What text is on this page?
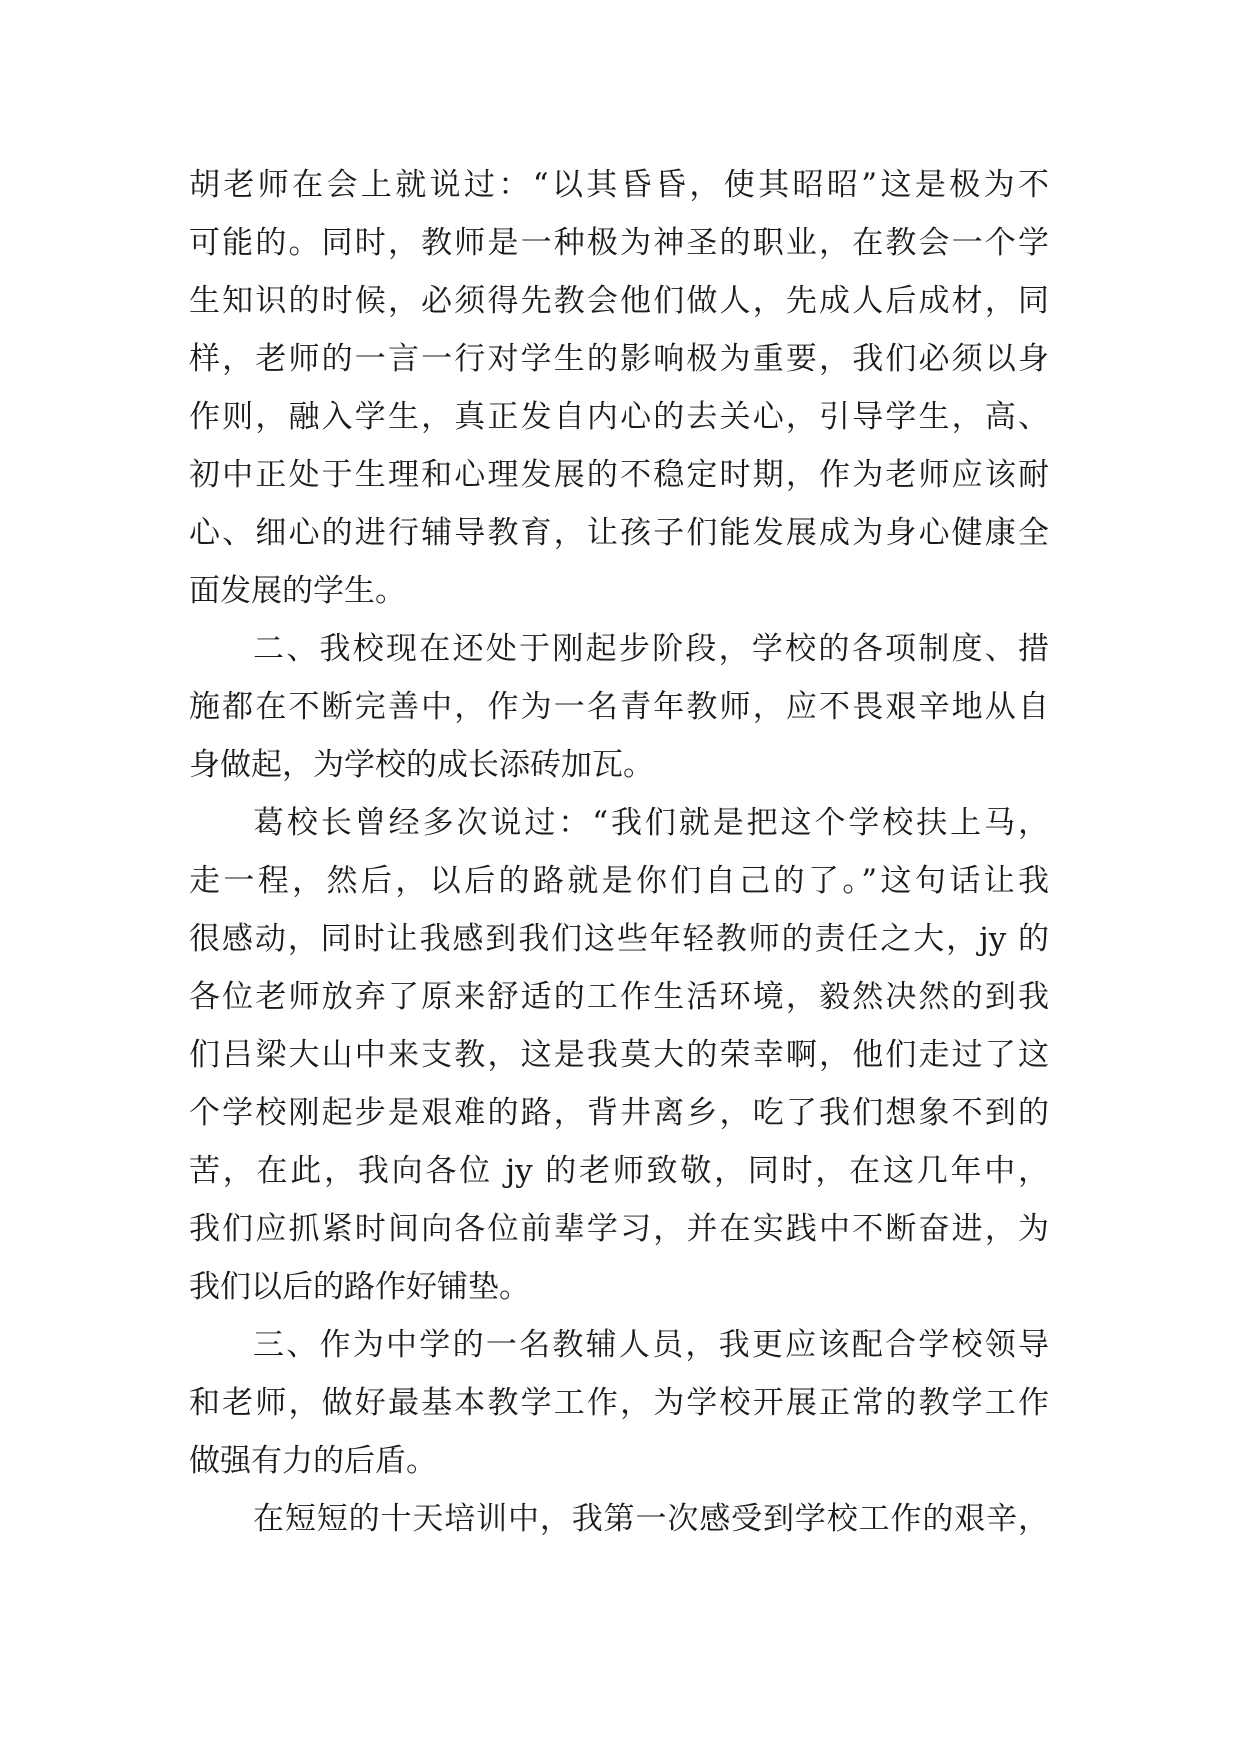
胡老师在会上就说过：“以其昏昏，使其昭昭”这是极为不

可能的。同时，教师是一种极为神圣的职业，在教会一个学

生知识的时候，必须得先教会他们做人，先成人后成材，同

样，老师的一言一行对学生的影响极为重要，我们必须以身

作则，融入学生，真正发自内心的去关心，引导学生，高、

初中正处于生理和心理发展的不稳定时期，作为老师应该耐

心、细心的进行辅导教育，让孩子们能发展成为身心健康全

面发展的学生。

二、我校现在还处于刚起步阶段，学校的各项制度、措

施都在不断完善中，作为一名青年教师，应不畏艰辛地从自

身做起，为学校的成长添砖加瓦。

葛校长曾经多次说过：“我们就是把这个学校扶上马，

走一程，然后，以后的路就是你们自己的了。”这句话让我

很感动，同时让我感到我们这些年轻教师的责任之大，jy 的

各位老师放弃了原来舒适的工作生活环境，毅然决然的到我

们吕梁大山中来支教，这是我莫大的荣幸啊，他们走过了这

个学校刚起步是艰难的路，背井离乡，吃了我们想象不到的

苦，在此，我向各位 jy 的老师致敬，同时，在这几年中，

我们应抓紧时间向各位前辈学习，并在实践中不断奋进，为

我们以后的路作好铺垫。

三、作为中学的一名教辅人员，我更应该配合学校领导

和老师，做好最基本教学工作，为学校开展正常的教学工作

做强有力的后盾。

在短短的十天培训中，我第一次感受到学校工作的艰辛，
